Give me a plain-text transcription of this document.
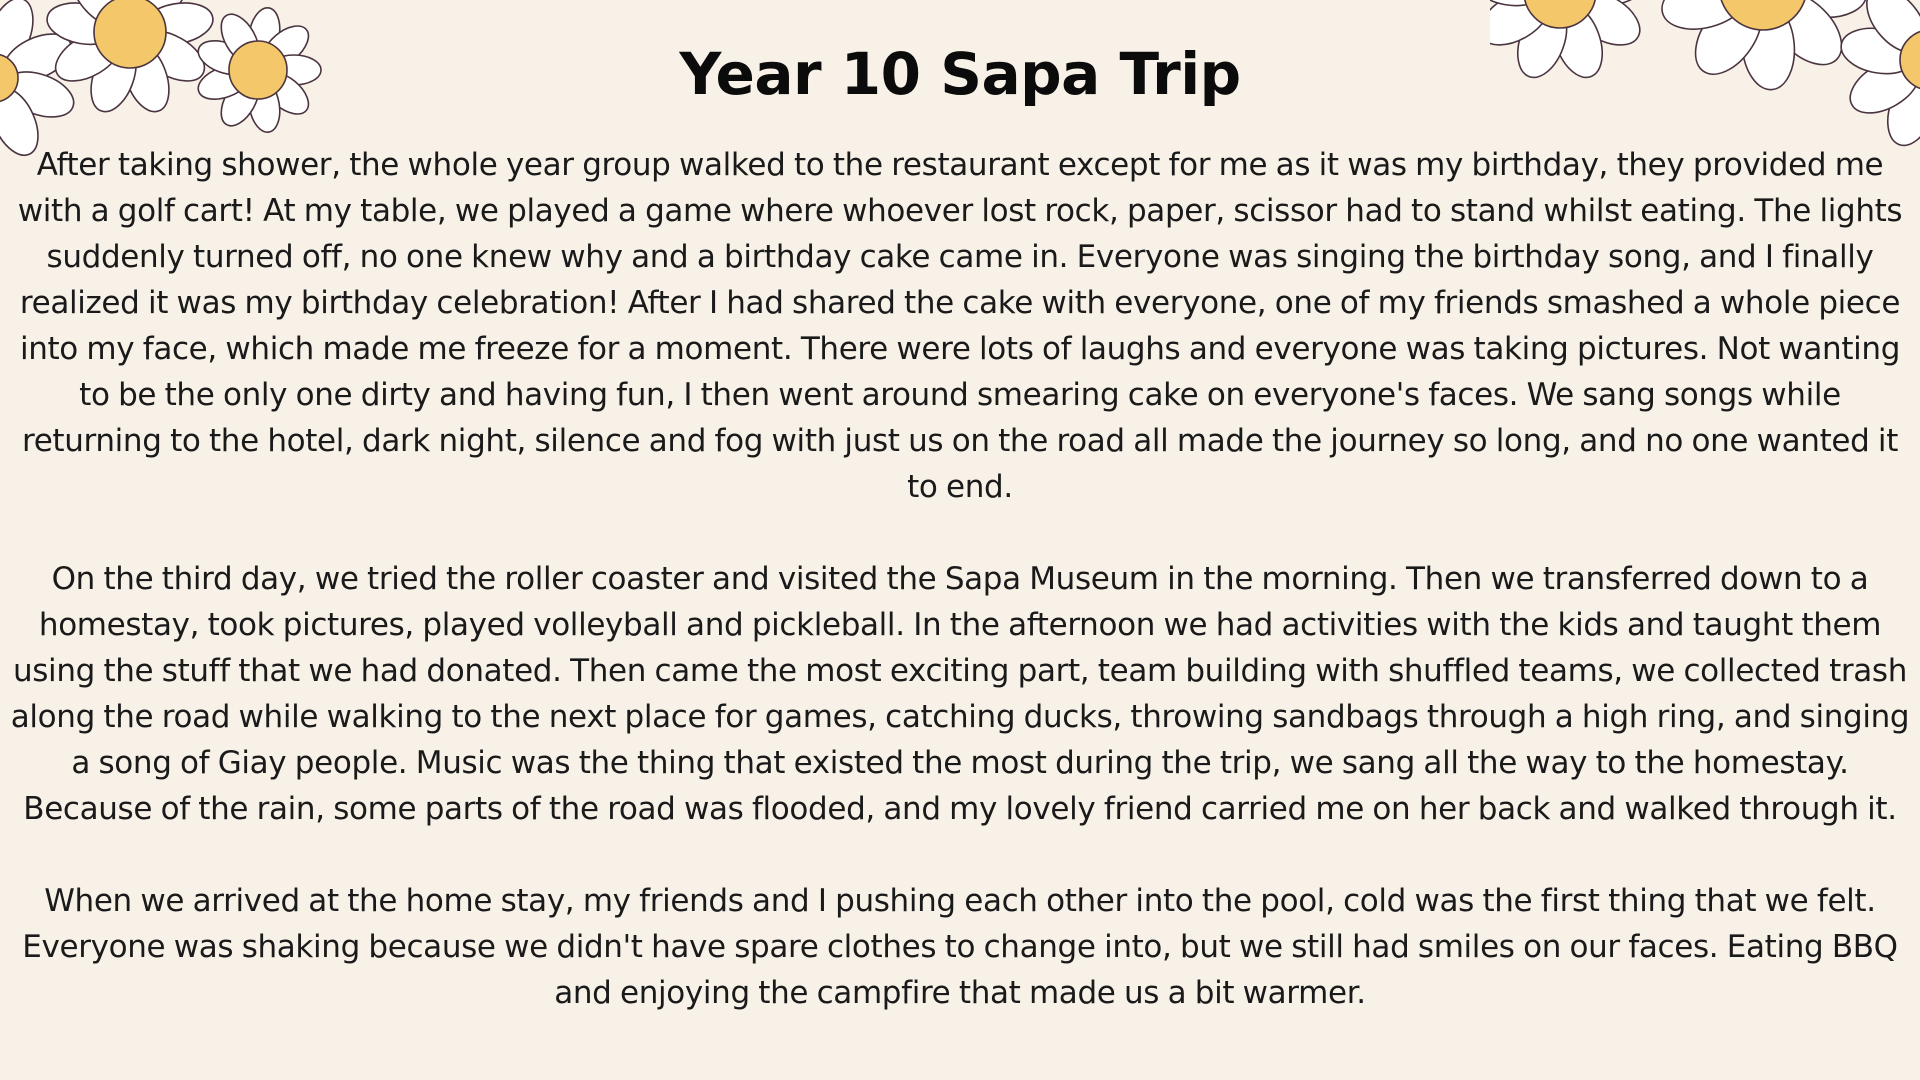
Year 10 Sapa Trip

After taking shower, the whole year group walked to the restaurant except for me as it was my birthday, they provided me with a golf cart! At my table, we played a game where whoever lost rock, paper, scissor had to stand whilst eating. The lights suddenly turned off, no one knew why and a birthday cake came in. Everyone was singing the birthday song, and I finally realized it was my birthday celebration! After I had shared the cake with everyone, one of my friends smashed a whole piece into my face, which made me freeze for a moment. There were lots of laughs and everyone was taking pictures. Not wanting to be the only one dirty and having fun, I then went around smearing cake on everyone's faces. We sang songs while returning to the hotel, dark night, silence and fog with just us on the road all made the journey so long, and no one wanted it to end.

On the third day, we tried the roller coaster and visited the Sapa Museum in the morning. Then we transferred down to a homestay, took pictures, played volleyball and pickleball. In the afternoon we had activities with the kids and taught them using the stuff that we had donated. Then came the most exciting part, team building with shuffled teams, we collected trash along the road while walking to the next place for games, catching ducks, throwing sandbags through a high ring, and singing a song of Giay people. Music was the thing that existed the most during the trip, we sang all the way to the homestay. Because of the rain, some parts of the road was flooded, and my lovely friend carried me on her back and walked through it.

When we arrived at the home stay, my friends and I pushing each other into the pool, cold was the first thing that we felt. Everyone was shaking because we didn't have spare clothes to change into, but we still had smiles on our faces. Eating BBQ and enjoying the campfire that made us a bit warmer.
